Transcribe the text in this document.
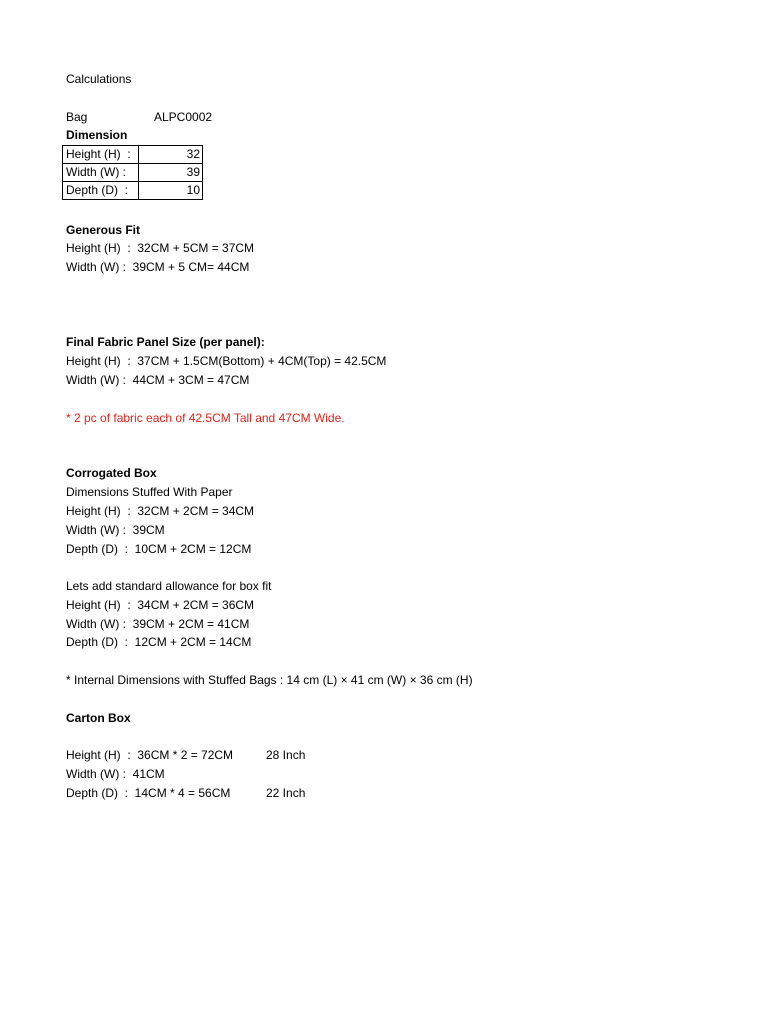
Calculations
Bag	ALPC0002
Dimension
Height (H)  :	32
Width (W) :	39
Depth (D)  :	10
Generous Fit
Height (H)  :  32CM + 5CM = 37CM
Width (W) :  39CM + 5 CM= 44CM
Final Fabric Panel Size (per panel):
Height (H)  :  37CM + 1.5CM(Bottom) + 4CM(Top) = 42.5CM
Width (W) :  44CM + 3CM = 47CM
* 2 pc of fabric each of 42.5CM Tall and 47CM Wide.
Corrogated Box
Dimensions Stuffed With Paper
Height (H)  :  32CM + 2CM = 34CM
Width (W) :  39CM
Depth (D)  :  10CM + 2CM = 12CM
Lets add standard allowance for box fit
Height (H)  :  34CM + 2CM = 36CM
Width (W) :  39CM + 2CM = 41CM
Depth (D)  :  12CM + 2CM = 14CM
* Internal Dimensions with Stuffed Bags : 14 cm (L) × 41 cm (W) × 36 cm (H)
Carton Box
Height (H)  :  36CM * 2 = 72CM	28 Inch
Width (W) :  41CM
Depth (D)  :  14CM * 4 = 56CM	22 Inch
